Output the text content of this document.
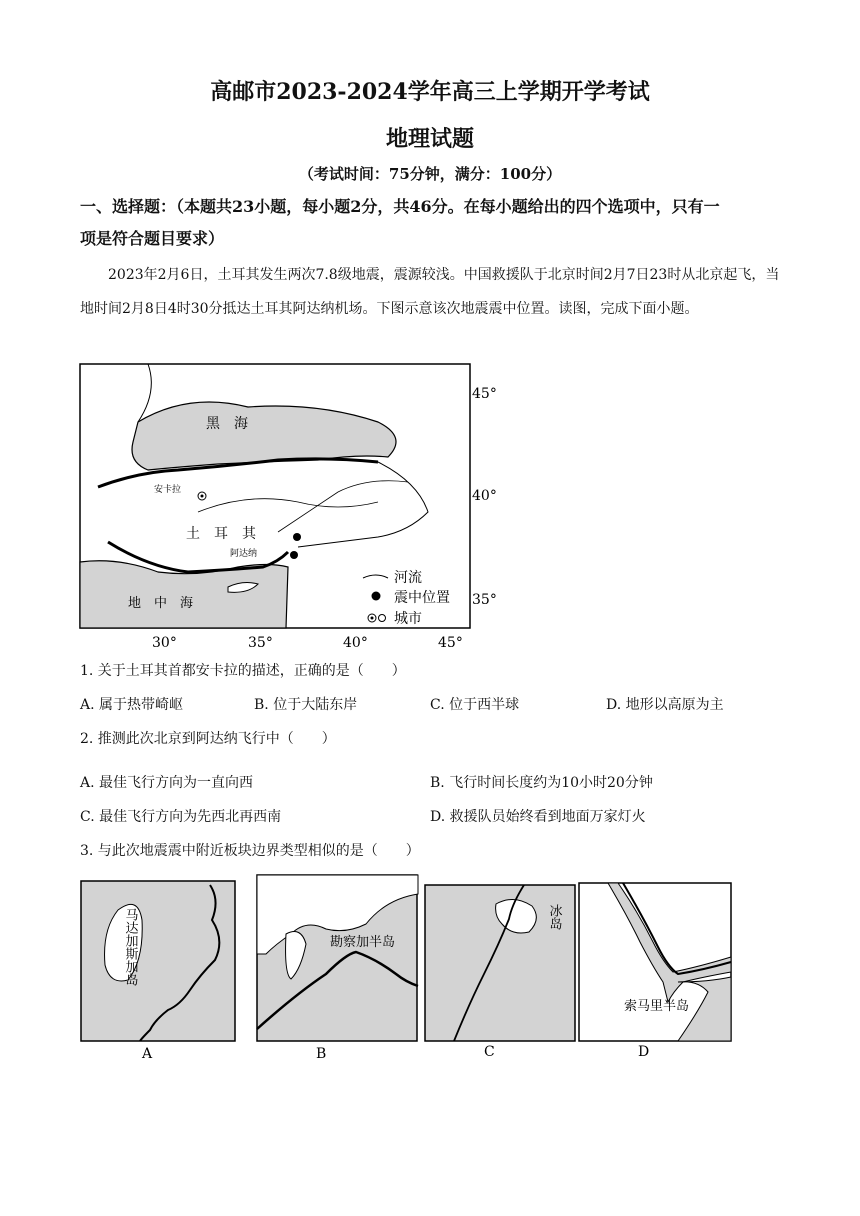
高邮市2023-2024学年高三上学期开学考试
地理试题
（考试时间：75分钟，满分：100分）
一、选择题：（本题共23小题，每小题2分，共46分。在每小题给出的四个选项中，只有一
项是符合题目要求）
2023年2月6日，土耳其发生两次7.8级地震，震源较浅。中国救援队于北京时间2月7日23时从北京起飞，当地时间2月8日4时30分抵达土耳其阿达纳机场。下图示意该次地震震中位置。读图，完成下面小题。
黑　海
土　耳　其
地　中　海
安卡拉
阿达纳
45°
40°
35°
30°	35°	40°	45°
河流
震中位置
城市
1. 关于土耳其首都安卡拉的描述，正确的是（　　）
A. 属于热带崎岖	B. 位于大陆东岸	C. 位于西半球	D. 地形以高原为主
2. 推测此次北京到阿达纳飞行中（　　）
A. 最佳飞行方向为一直向西	B. 飞行时间长度约为10小时20分钟
C. 最佳飞行方向为先西北再西南	D. 救援队员始终看到地面万家灯火
3. 与此次地震震中附近板块边界类型相似的是（　　）
马达加斯加岛
A
勘察加半岛
B
冰岛
C
索马里半岛
D
